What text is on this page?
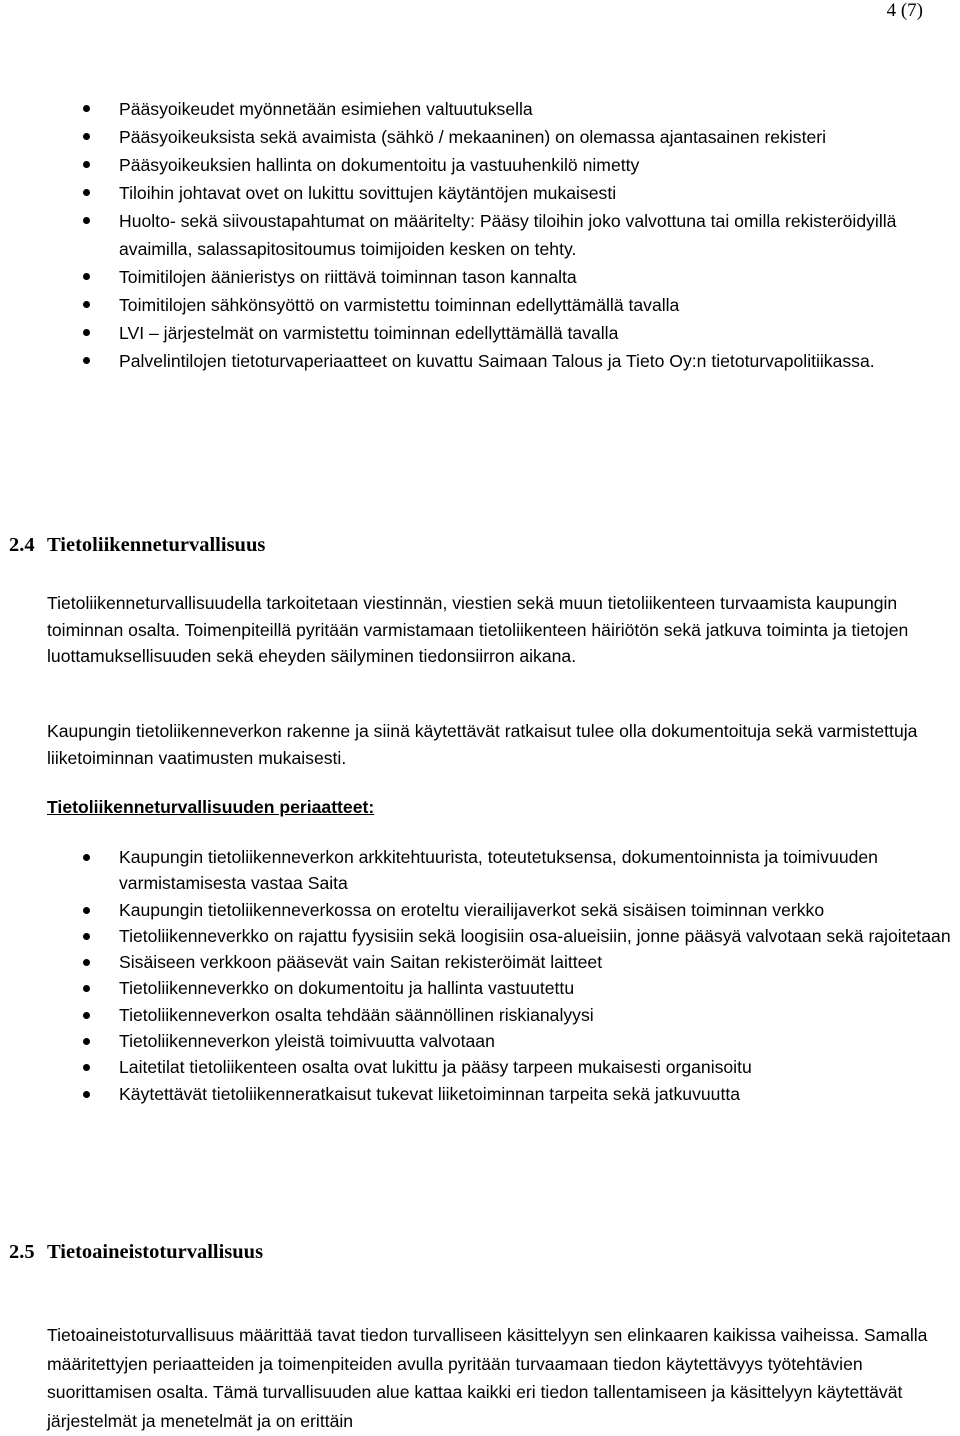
4 (7)
Pääsyoikeudet myönnetään esimiehen valtuutuksella
Pääsyoikeuksista sekä avaimista (sähkö / mekaaninen) on olemassa ajantasainen rekisteri
Pääsyoikeuksien hallinta on dokumentoitu ja vastuuhenkilö nimetty
Tiloihin johtavat ovet on lukittu sovittujen käytäntöjen mukaisesti
Huolto- sekä siivoustapahtumat on määritelty: Pääsy tiloihin joko valvottuna tai omilla rekisteröidyillä avaimilla, salassapitositoumus toimijoiden kesken on tehty.
Toimitilojen äänieristys on riittävä toiminnan tason kannalta
Toimitilojen sähkönsyöttö on varmistettu toiminnan edellyttämällä tavalla
LVI – järjestelmät on varmistettu toiminnan edellyttämällä tavalla
Palvelintilojen tietoturvaperiaatteet on kuvattu Saimaan Talous ja Tieto Oy:n tietoturvapolitiikassa.
2.4 Tietoliikenneturvallisuus

Tietoliikenneturvallisuudella tarkoitetaan viestinnän, viestien sekä muun tietoliikenteen turvaamista kaupungin toiminnan osalta. Toimenpiteillä pyritään varmistamaan tietoliikenteen häiriötön sekä jatkuva toiminta ja tietojen luottamuksellisuuden sekä eheyden säilyminen tiedonsiirron aikana.

Kaupungin tietoliikenneverkon rakenne ja siinä käytettävät ratkaisut tulee olla dokumentoituja sekä varmistettuja liiketoiminnan vaatimusten mukaisesti.

Tietoliikenneturvallisuuden periaatteet:
Kaupungin tietoliikenneverkon arkkitehtuurista, toteutetuksensa, dokumentoinnista ja toimivuuden varmistamisesta vastaa Saita
Kaupungin tietoliikenneverkossa on eroteltu vierailijaverkot sekä sisäisen toiminnan verkko
Tietoliikenneverkko on rajattu fyysisiin sekä loogisiin osa-alueisiin, jonne pääsyä valvotaan sekä rajoitetaan
Sisäiseen verkkoon pääsevät vain Saitan rekisteröimät laitteet
Tietoliikenneverkko on dokumentoitu ja hallinta vastuutettu
Tietoliikenneverkon osalta tehdään säännöllinen riskianalyysi
Tietoliikenneverkon yleistä toimivuutta valvotaan
Laitetilat tietoliikenteen osalta ovat lukittu ja pääsy tarpeen mukaisesti organisoitu
Käytettävät tietoliikenneratkaisut tukevat liiketoiminnan tarpeita sekä jatkuvuutta
2.5 Tietoaineistoturvallisuus

Tietoaineistoturvallisuus määrittää tavat tiedon turvalliseen käsittelyyn sen elinkaaren kaikissa vaiheissa. Samalla määritettyjen periaatteiden ja toimenpiteiden avulla pyritään turvaamaan tiedon käytettävyys työtehtävien suorittamisen osalta. Tämä turvallisuuden alue kattaa kaikki eri tiedon tallentamiseen ja käsittelyyn käytettävät järjestelmät ja menetelmät ja on erittäin
